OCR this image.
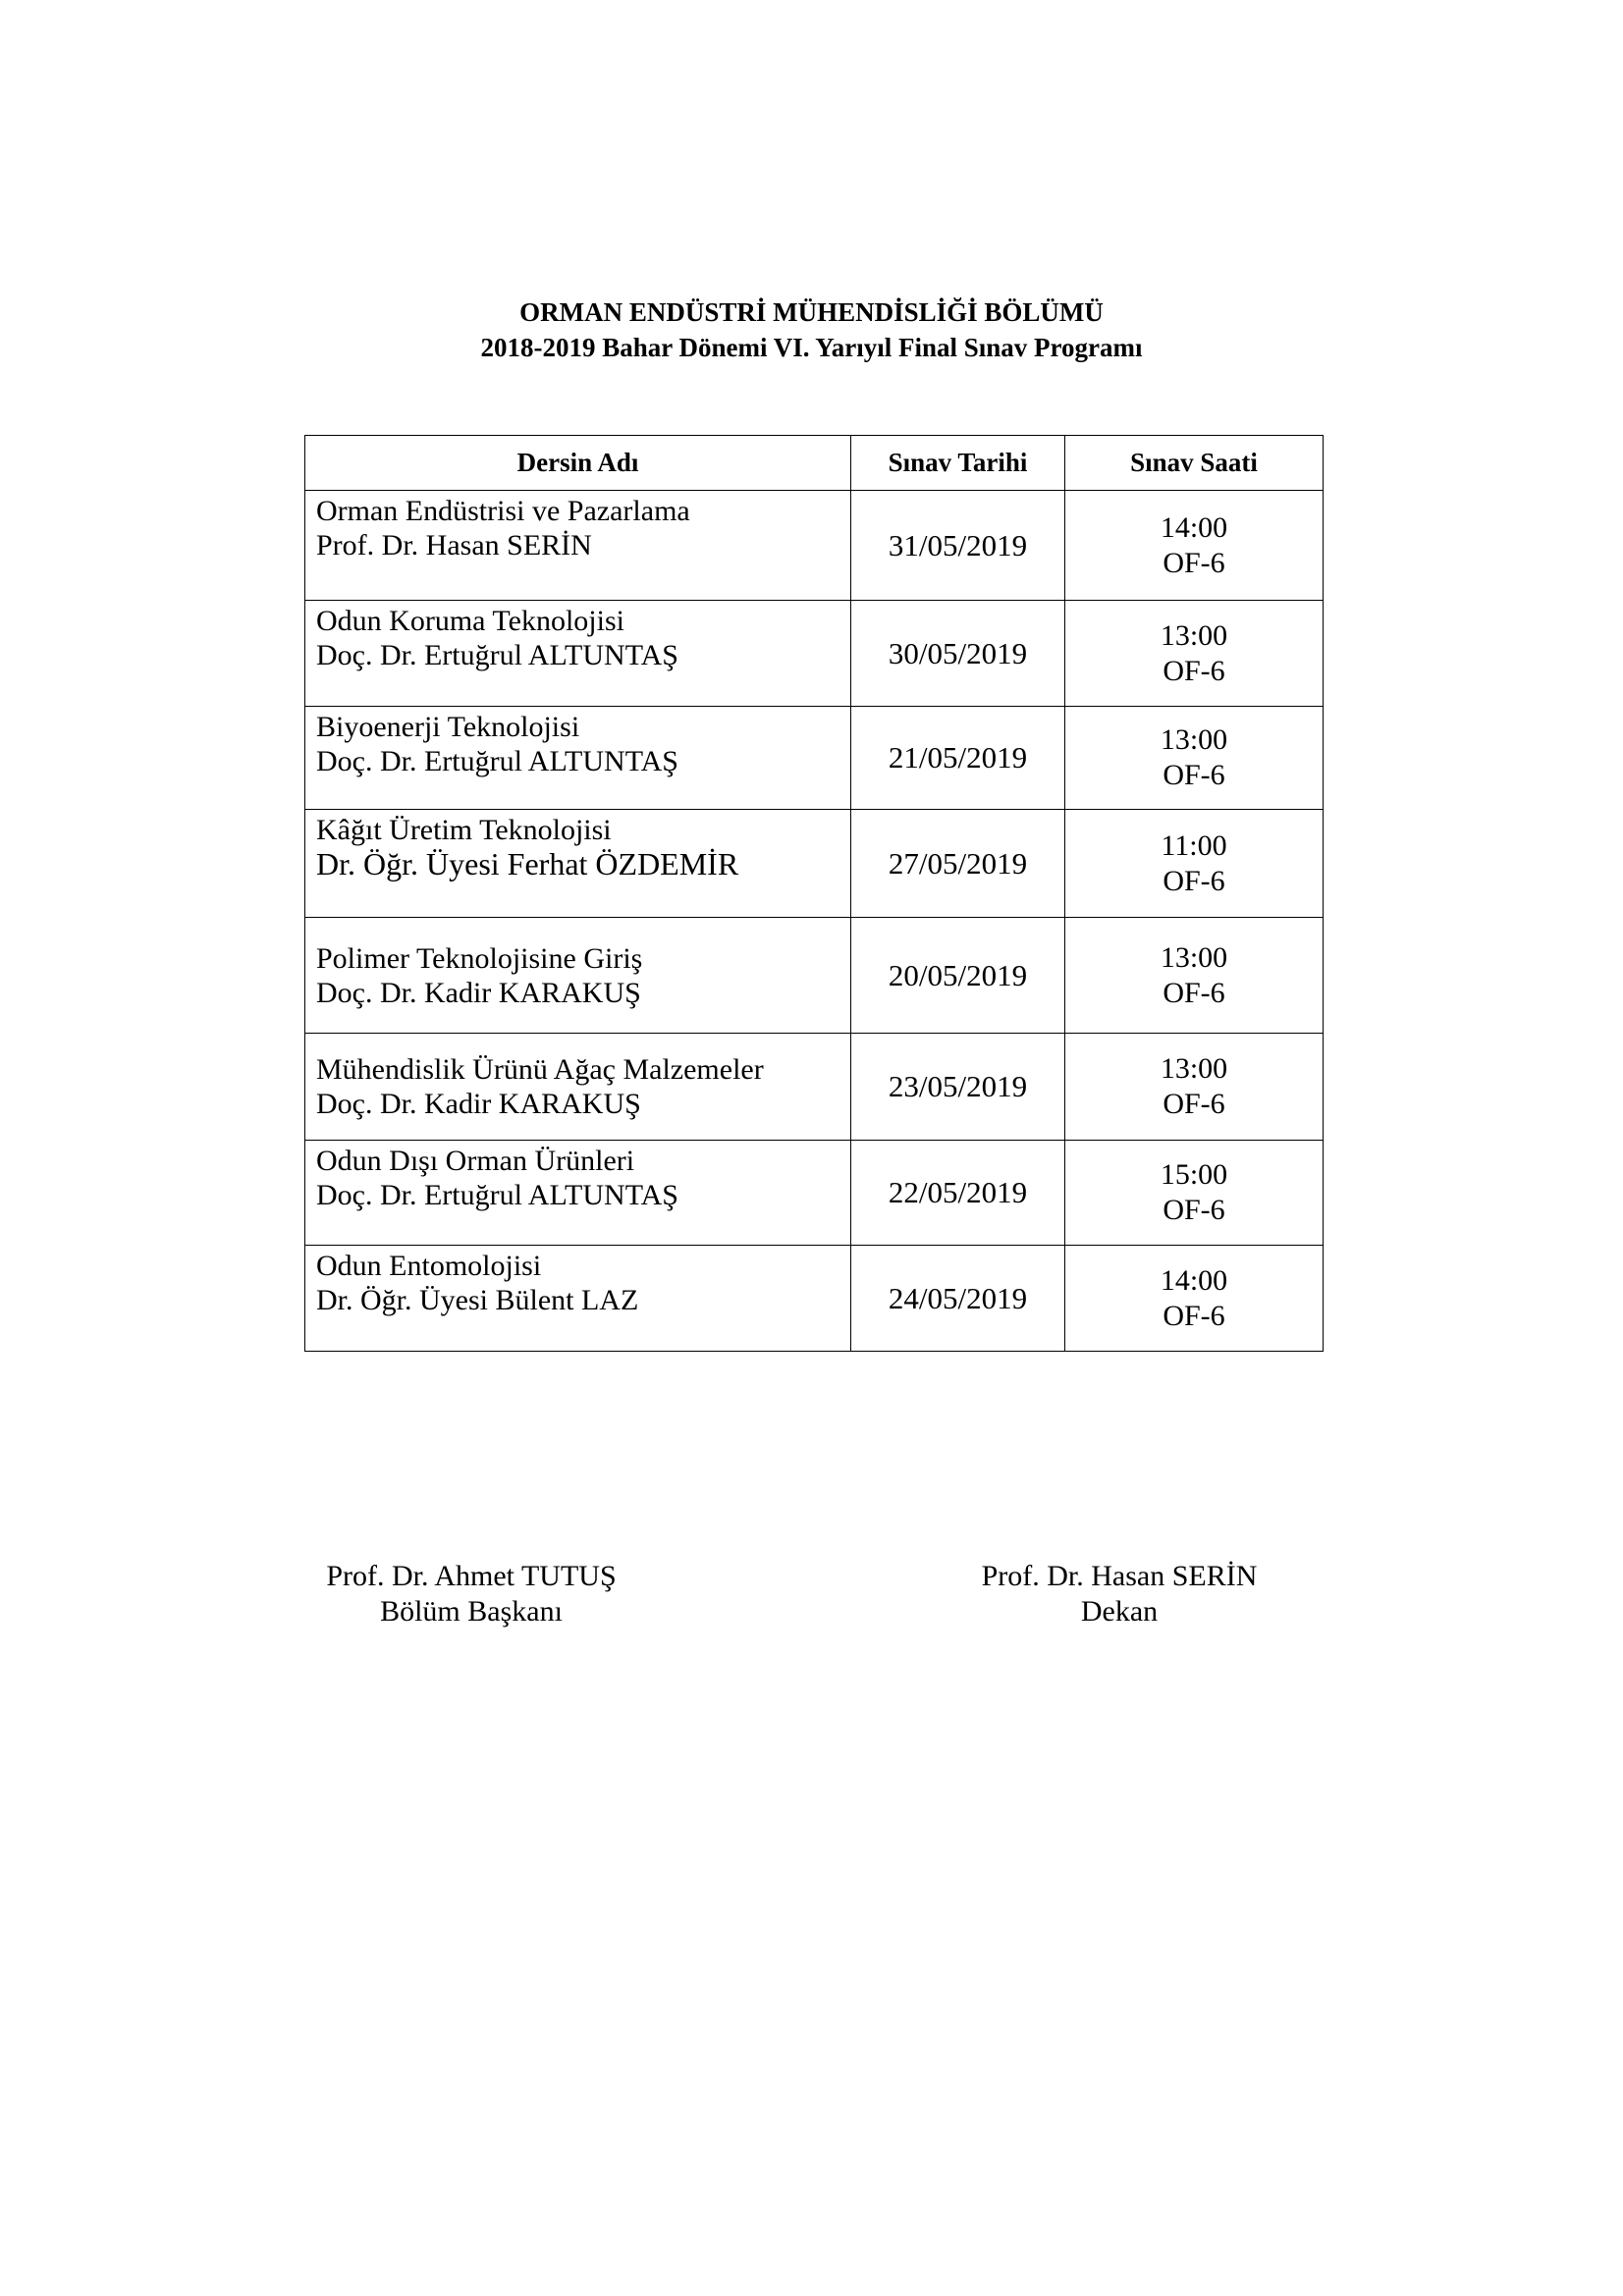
ORMAN ENDÜSTRİ MÜHENDİSLİĞİ BÖLÜMÜ
2018-2019 Bahar Dönemi VI. Yarıyıl Final Sınav Programı
Dersin Adı	Sınav Tarihi	Sınav Saati

Orman Endüstrisi ve Pazarlama
Prof. Dr. Hasan SERİN	31/05/2019	14:00
OF-6

Odun Koruma Teknolojisi
Doç. Dr. Ertuğrul ALTUNTAŞ	30/05/2019	13:00
OF-6

Biyoenerji Teknolojisi
Doç. Dr. Ertuğrul ALTUNTAŞ	21/05/2019	13:00
OF-6

Kâğıt Üretim Teknolojisi
Dr. Öğr. Üyesi Ferhat ÖZDEMİR	27/05/2019	11:00
OF-6

Polimer Teknolojisine Giriş
Doç. Dr. Kadir KARAKUŞ	20/05/2019	13:00
OF-6

Mühendislik Ürünü Ağaç Malzemeler
Doç. Dr. Kadir KARAKUŞ	23/05/2019	13:00
OF-6

Odun Dışı Orman Ürünleri
Doç. Dr. Ertuğrul ALTUNTAŞ	22/05/2019	15:00
OF-6

Odun Entomolojisi
Dr. Öğr. Üyesi Bülent LAZ	24/05/2019	14:00
OF-6
Prof. Dr. Ahmet TUTUŞ
Bölüm Başkanı
Prof. Dr. Hasan SERİN
Dekan
